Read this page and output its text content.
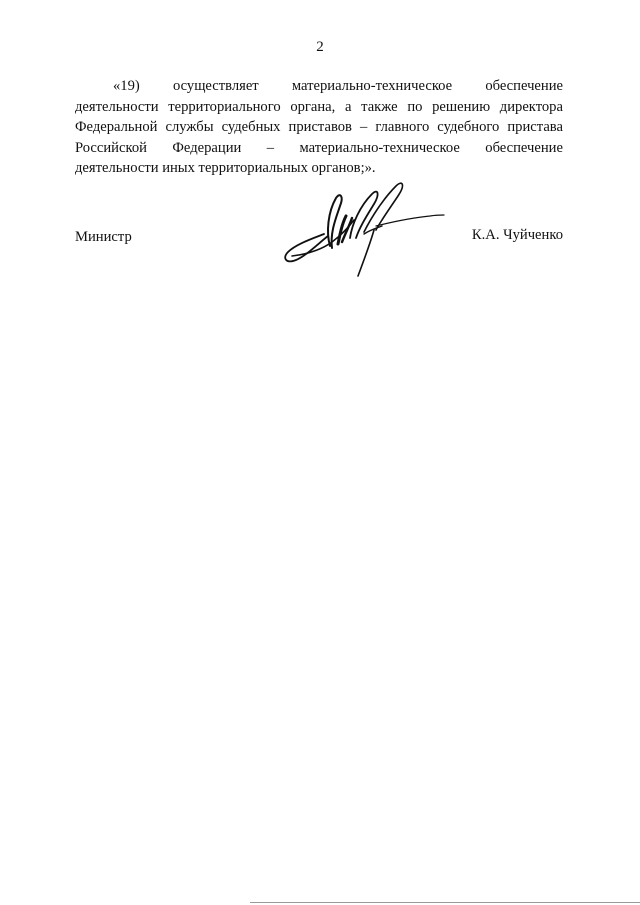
2
«19) осуществляет материально-техническое обеспечение
деятельности территориального органа, а также по решению директора
Федеральной службы судебных приставов – главного судебного пристава
Российской Федерации – материально-техническое обеспечение
деятельности иных территориальных органов;».
Министр	К.А. Чуйченко
